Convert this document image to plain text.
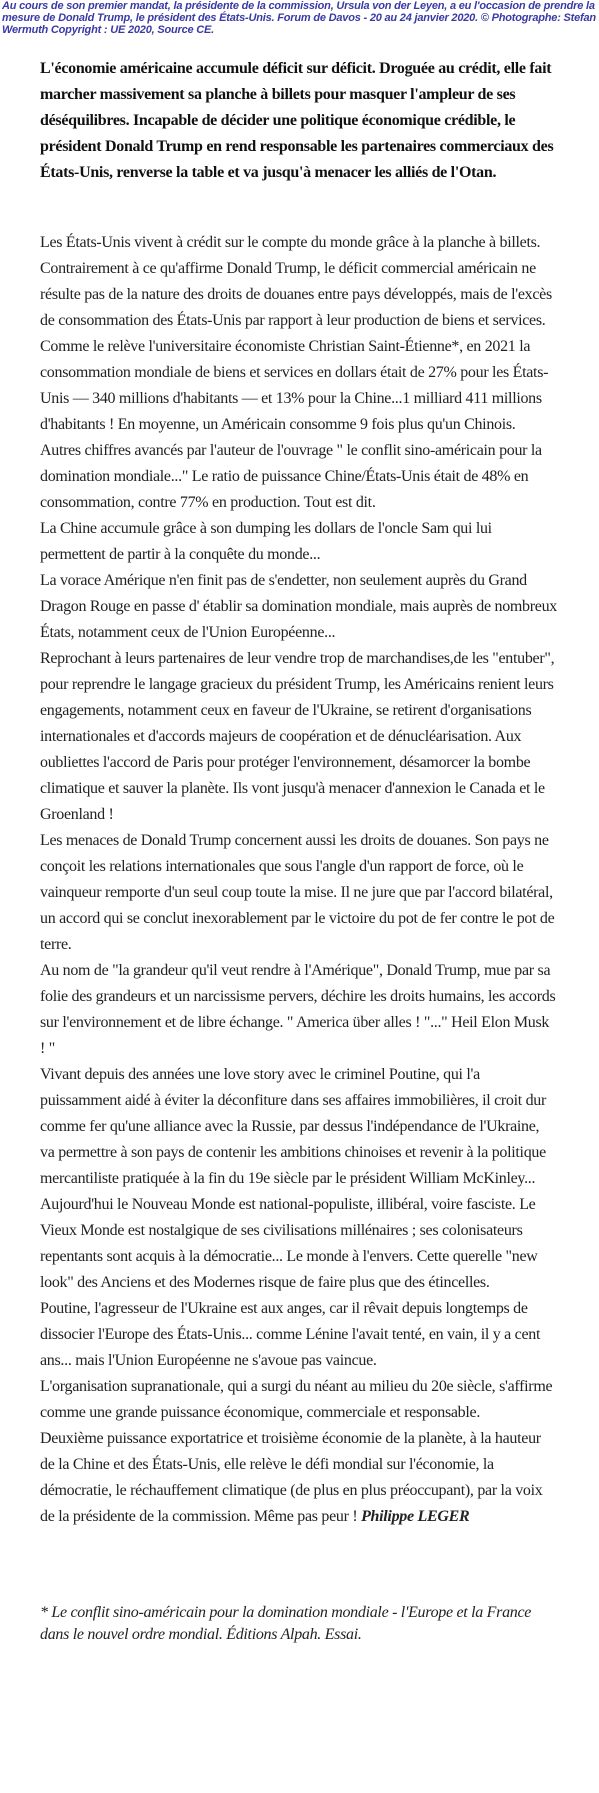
Au cours de son premier mandat, la présidente de la commission, Ursula von der Leyen, a eu l'occasion de prendre la mesure de Donald Trump, le président des États-Unis. Forum de Davos - 20 au 24 janvier 2020. © Photographe: Stefan Wermuth Copyright : UE 2020, Source CE.

L'économie américaine accumule déficit sur déficit. Droguée au crédit, elle fait marcher massivement sa planche à billets pour masquer l'ampleur de ses déséquilibres. Incapable de décider une politique économique crédible, le président Donald Trump en rend responsable les partenaires commerciaux des États-Unis, renverse la table et va jusqu'à menacer les alliés de l'Otan.

Les États-Unis vivent à crédit sur le compte du monde grâce à la planche à billets. Contrairement à ce qu'affirme Donald Trump, le déficit commercial américain ne résulte pas de la nature des droits de douanes entre pays développés, mais de l'excès de consommation des États-Unis par rapport à leur production de biens et services. Comme le relève l'universitaire économiste Christian Saint-Étienne*, en 2021 la consommation mondiale de biens et services en dollars était de 27% pour les États-Unis — 340 millions d'habitants — et 13% pour la Chine...1 milliard 411 millions d'habitants ! En moyenne, un Américain consomme 9 fois plus qu'un Chinois.

Autres chiffres avancés par l'auteur de l'ouvrage " le conflit sino-américain pour la domination mondiale..." Le ratio de puissance Chine/États-Unis était de 48% en consommation, contre 77% en production. Tout est dit.

La Chine accumule grâce à son dumping les dollars de l'oncle Sam qui lui permettent de partir à la conquête du monde...

La vorace Amérique n'en finit pas de s'endetter, non seulement auprès du Grand Dragon Rouge en passe d' établir sa domination mondiale, mais auprès de nombreux États, notamment ceux de l'Union Européenne...

Reprochant à leurs partenaires de leur vendre trop de marchandises,de les "entuber", pour reprendre le langage gracieux du président Trump, les Américains renient leurs engagements, notamment ceux en faveur de l'Ukraine, se retirent d'organisations internationales et d'accords majeurs de coopération et de dénucléarisation. Aux oubliettes l'accord de Paris pour protéger l'environnement, désamorcer la bombe climatique et sauver la planète. Ils vont jusqu'à menacer d'annexion le Canada et le Groenland !

Les menaces de Donald Trump concernent aussi les droits de douanes. Son pays ne conçoit les relations internationales que sous l'angle d'un rapport de force, où le vainqueur remporte d'un seul coup toute la mise. Il ne jure que par l'accord bilatéral, un accord qui se conclut inexorablement par le victoire du pot de fer contre le pot de terre.

Au nom de "la grandeur qu'il veut rendre à l'Amérique", Donald Trump, mue par sa folie des grandeurs et un narcissisme pervers, déchire les droits humains, les accords sur l'environnement et de libre échange. " America über alles ! "..." Heil Elon Musk ! "

Vivant depuis des années une love story avec le criminel Poutine, qui l'a puissamment aidé à éviter la déconfiture dans ses affaires immobilières, il croit dur comme fer qu'une alliance avec la Russie, par dessus l'indépendance de l'Ukraine, va permettre à son pays de contenir les ambitions chinoises et revenir à la politique mercantiliste pratiquée à la fin du 19e siècle par le président William McKinley...

Aujourd'hui le Nouveau Monde est national-populiste, illibéral, voire fasciste. Le Vieux Monde est nostalgique de ses civilisations millénaires ; ses colonisateurs repentants sont acquis à la démocratie... Le monde à l'envers. Cette querelle "new look" des Anciens et des Modernes risque de faire plus que des étincelles.

Poutine, l'agresseur de l'Ukraine est aux anges, car il rêvait depuis longtemps de dissocier l'Europe des États-Unis... comme Lénine l'avait tenté, en vain, il y a cent ans... mais l'Union Européenne ne s'avoue pas vaincue.

L'organisation supranationale, qui a surgi du néant au milieu du 20e siècle, s'affirme comme une grande puissance économique, commerciale et responsable.

Deuxième puissance exportatrice et troisième économie de la planète, à la hauteur de la Chine et des États-Unis, elle relève le défi mondial sur l'économie, la démocratie, le réchauffement climatique (de plus en plus préoccupant), par la voix de la présidente de la commission. Même pas peur ! Philippe LEGER

* Le conflit sino-américain pour la domination mondiale - l'Europe et la France dans le nouvel ordre mondial. Éditions Alpah. Essai.
